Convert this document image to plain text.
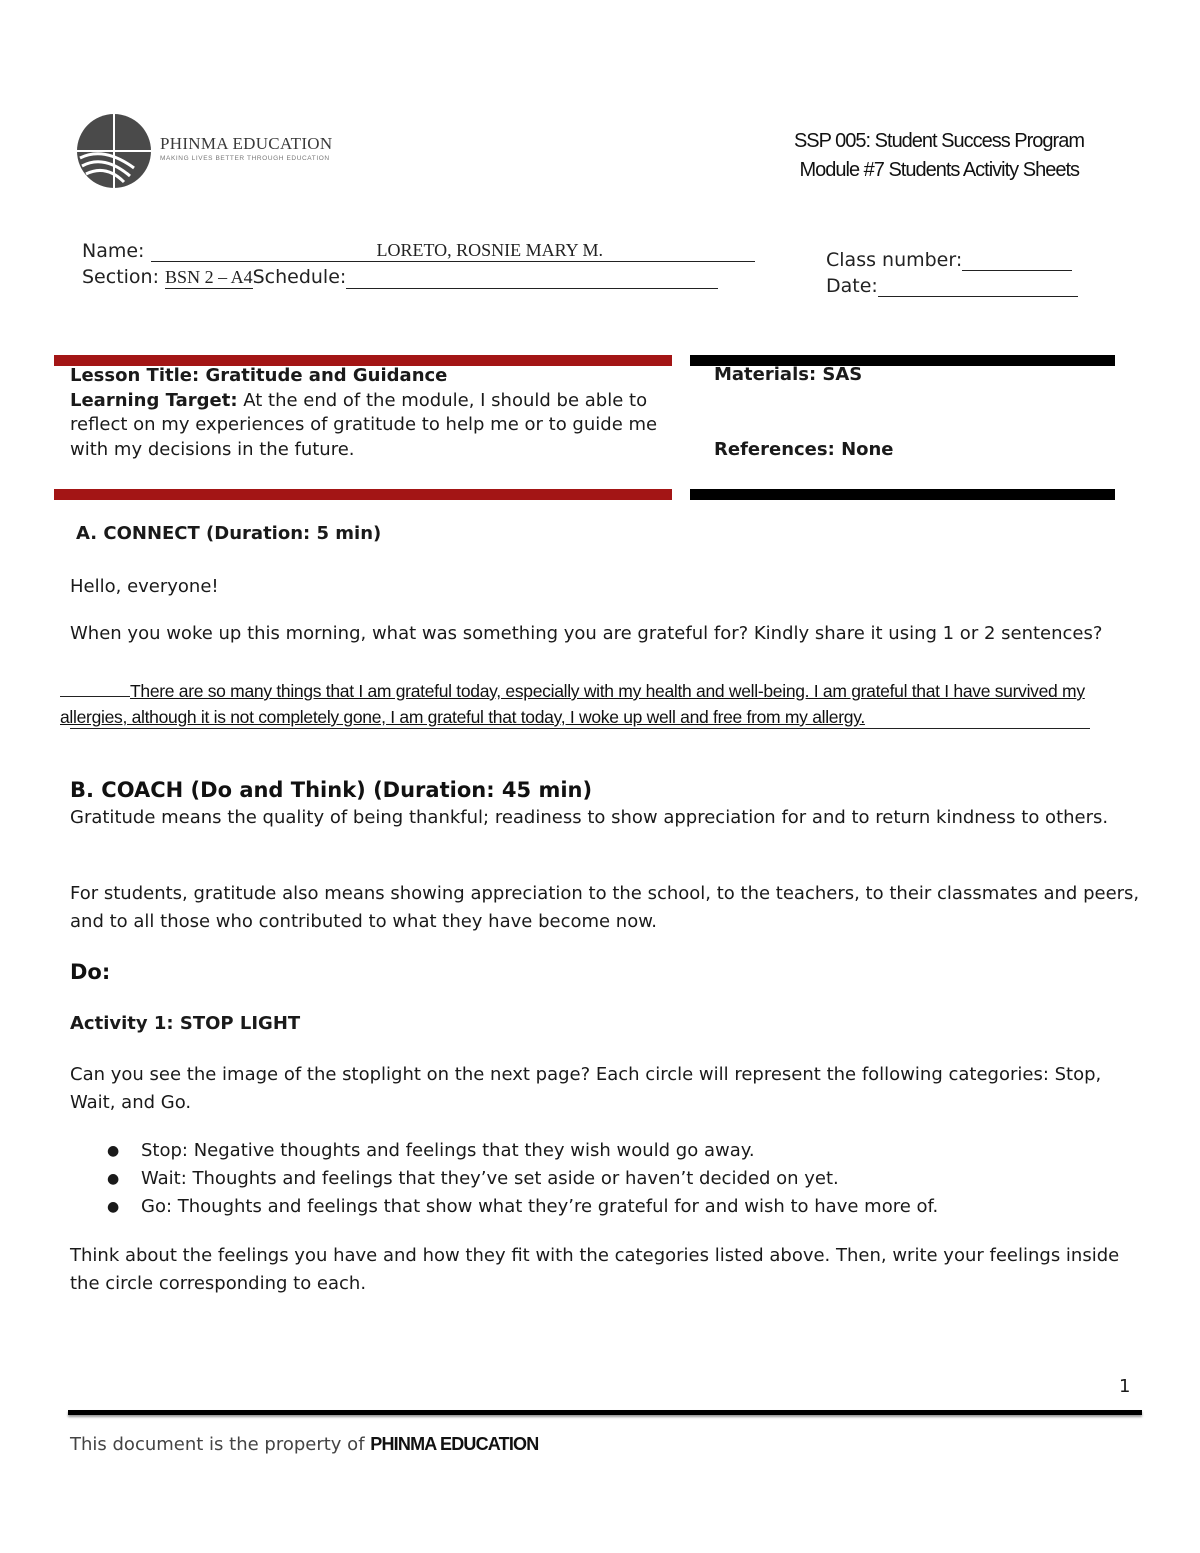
PHINMA EDUCATION
MAKING LIVES BETTER THROUGH EDUCATION
SSP 005: Student Success Program
Module #7 Students Activity Sheets
Name:	LORETO, ROSNIE MARY M.
Section: BSN 2 – A4Schedule:
Class number:
Date:
Lesson Title: Gratitude and Guidance
Learning Target: At the end of the module, I should be able to reflect on my experiences of gratitude to help me or to guide me with my decisions in the future.
Materials: SAS
References: None
A. CONNECT (Duration: 5 min)
Hello, everyone!
When you woke up this morning, what was something you are grateful for? Kindly share it using 1 or 2 sentences?
There are so many things that I am grateful today, especially with my health and well-being. I am grateful that I have survived my allergies, although it is not completely gone, I am grateful that today, I woke up well and free from my allergy.
B. COACH (Do and Think) (Duration: 45 min)
Gratitude means the quality of being thankful; readiness to show appreciation for and to return kindness to others.
For students, gratitude also means showing appreciation to the school, to the teachers, to their classmates and peers, and to all those who contributed to what they have become now.
Do:
Activity 1: STOP LIGHT
Can you see the image of the stoplight on the next page? Each circle will represent the following categories: Stop, Wait, and Go.
● Stop: Negative thoughts and feelings that they wish would go away.
● Wait: Thoughts and feelings that they’ve set aside or haven’t decided on yet.
● Go: Thoughts and feelings that show what they’re grateful for and wish to have more of.
Think about the feelings you have and how they fit with the categories listed above. Then, write your feelings inside the circle corresponding to each.
1
This document is the property of PHINMA EDUCATION
